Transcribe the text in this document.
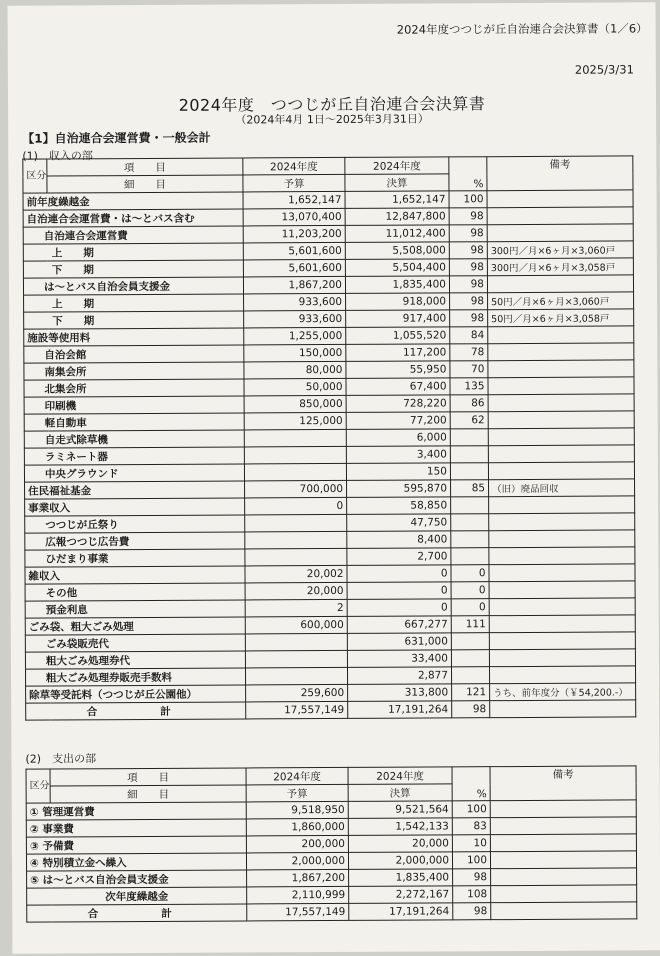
2024年度つつじが丘自治連合会決算書（1／6）
2025/3/31
2024年度　つつじが丘自治連合会決算書
（2024年4月 1日～2025年3月31日）
【1】自治連合会運営費・一般会計
(1)　収入の部
区分	項　　目	2024年度	2024年度	%	備考
	細　　目	予算	決算		
前年度繰越金		1,652,147	1,652,147	100	
自治連合会運営費・は～とバス含む		13,070,400	12,847,800	98	
自治連合会運営費		11,203,200	11,012,400	98	
上　　期		5,601,600	5,508,000	98	300円／月×6ヶ月×3,060戸
下　　期		5,601,600	5,504,400	98	300円／月×6ヶ月×3,058戸
は～とバス自治会員支援金		1,867,200	1,835,400	98	
上　　期		933,600	918,000	98	50円／月×6ヶ月×3,060戸
下　　期		933,600	917,400	98	50円／月×6ヶ月×3,058戸
施設等使用料		1,255,000	1,055,520	84	
自治会館		150,000	117,200	78	
南集会所		80,000	55,950	70	
北集会所		50,000	67,400	135	
印刷機		850,000	728,220	86	
軽自動車		125,000	77,200	62	
自走式除草機			6,000		
ラミネート器			3,400		
中央グラウンド			150		
住民福祉基金		700,000	595,870	85	（旧）廃品回収
事業収入		0	58,850		
つつじが丘祭り			47,750		
広報つつじ広告費			8,400		
ひだまり事業			2,700		
雑収入		20,002	0	0	
その他		20,000	0	0	
預金利息		2	0	0	
ごみ袋、粗大ごみ処理		600,000	667,277	111	
ごみ袋販売代			631,000		
粗大ごみ処理券代			33,400		
粗大ごみ処理券販売手数料			2,877		
除草等受託料（つつじが丘公園他）		259,600	313,800	121	うち、前年度分（￥54,200.-）
合　　計		17,557,149	17,191,264	98	
(2)　支出の部
区分	項　　目	2024年度	2024年度	%	備考
	細　　目	予算	決算		
① 管理運営費		9,518,950	9,521,564	100	
② 事業費		1,860,000	1,542,133	83	
③ 予備費		200,000	20,000	10	
④ 特別積立金へ繰入		2,000,000	2,000,000	100	
⑤ は～とバス自治会員支援金		1,867,200	1,835,400	98	
次年度繰越金		2,110,999	2,272,167	108	
合　　計		17,557,149	17,191,264	98	
